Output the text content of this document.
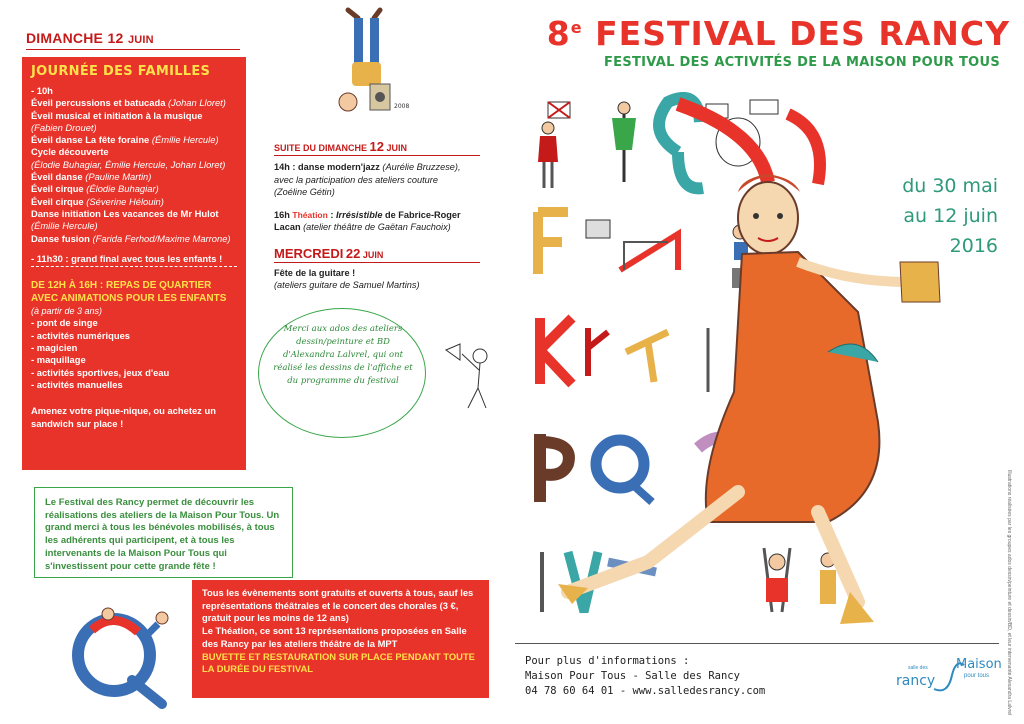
DIMANCHE 12 JUIN
JOURNÉE DES FAMILLES
- 10h
Éveil percussions et batucada (Johan Lloret)
Éveil musical et initiation à la musique
(Fabien Drouet)
Éveil danse La fête foraine (Émilie Hercule)
Cycle découverte
(Élodie Buhagiar, Émilie Hercule, Johan Lloret)
Éveil danse (Pauline Martin)
Éveil cirque (Élodie Buhagiar)
Éveil cirque (Séverine Hélouin)
Danse initiation Les vacances de Mr Hulot
(Émilie Hercule)
Danse fusion (Farida Ferhod/Maxime Marrone)
- 11h30 : grand final avec tous les enfants !
DE 12H À 16H : REPAS DE QUARTIER
AVEC ANIMATIONS POUR LES ENFANTS
(à partir de 3 ans)
- pont de singe
- activités numériques
- magicien
- maquillage
- activités sportives, jeux d'eau
- activités manuelles
Amenez votre pique-nique, ou achetez un sandwich sur place !
Le Festival des Rancy permet de découvrir les réalisations des ateliers de la Maison Pour Tous. Un grand merci à tous les bénévoles mobilisés, à tous les adhérents qui participent, et à tous les intervenants de la Maison Pour Tous qui s'investissent pour cette grande fête !
Tous les évènements sont gratuits et ouverts à tous, sauf les représentations théâtrales et le concert des chorales (3 €, gratuit pour les moins de 12 ans)
Le Théation, ce sont 13 représentations proposées en Salle des Rancy par les ateliers théâtre de la MPT
BUVETTE ET RESTAURATION SUR PLACE PENDANT TOUTE LA DURÉE DU FESTIVAL
2008
SUITE DU DIMANCHE 12 JUIN
14h : danse modern'jazz (Aurélie Bruzzese),
avec la participation des ateliers couture
(Zoéline Gétin)
16h Théation : Irrésistible de Fabrice-Roger Lacan (atelier théâtre de Gaëtan Fauchoix)
MERCREDI 22 JUIN
Fête de la guitare !
(ateliers guitare de Samuel Martins)
Merci aux ados des ateliers dessin/peinture et BD d'Alexandra Lalvrel, qui ont réalisé les dessins de l'affiche et du programme du festival
8e FESTIVAL DES RANCY
FESTIVAL DES ACTIVITÉS DE LA MAISON POUR TOUS
du 30 mai
au 12 juin
2016
Pour plus d'informations :
Maison Pour Tous - Salle des Rancy
04 78 60 64 01 - www.salledesrancy.com
salle des
rancy
Maison
pour tous	Illustrations réalisées par les groupes ados dessin/peinture et dessin/BD, et leur intervenante Alexandra Lalvrel
